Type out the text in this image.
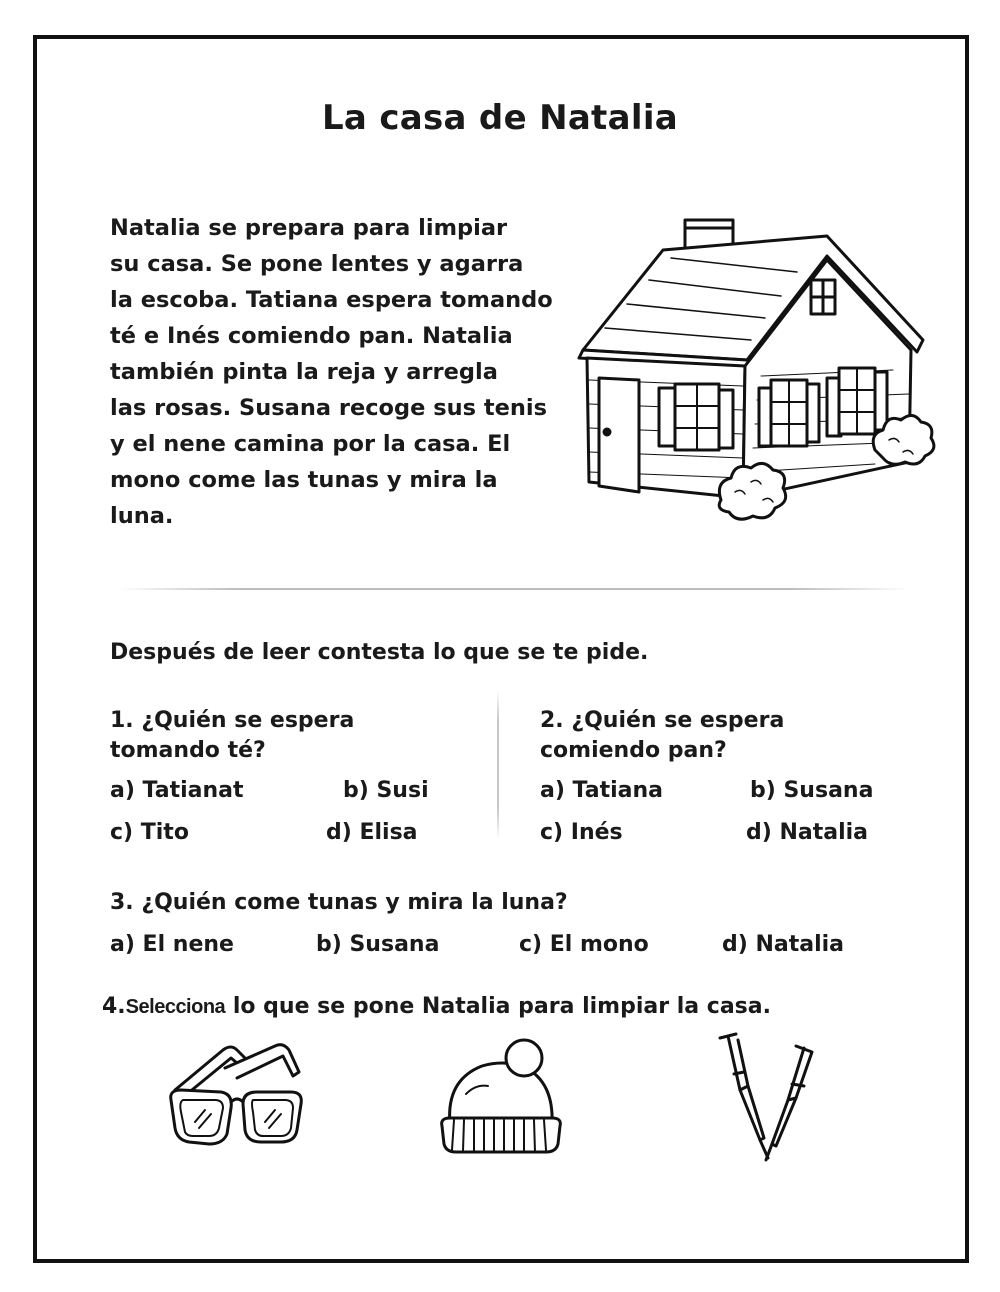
La casa de Natalia

Natalia se prepara para limpiar
su casa. Se pone lentes y agarra
la escoba. Tatiana espera tomando
té e Inés comiendo pan. Natalia
también pinta la reja y arregla
las rosas. Susana recoge sus tenis
y el nene camina por la casa. El
mono come las tunas y mira la
luna.

Después de leer contesta lo que se te pide.
1. ¿Quién se espera
tomando té?
a) Tatianat	b) Susi
c) Tito	d) Elisa
2. ¿Quién se espera
comiendo pan?
a) Tatiana	b) Susana
c) Inés	d) Natalia
3. ¿Quién come tunas y mira la luna?
a) El nene	b) Susana	c) El mono	d) Natalia
4.Selecciona lo que se pone Natalia para limpiar la casa.
